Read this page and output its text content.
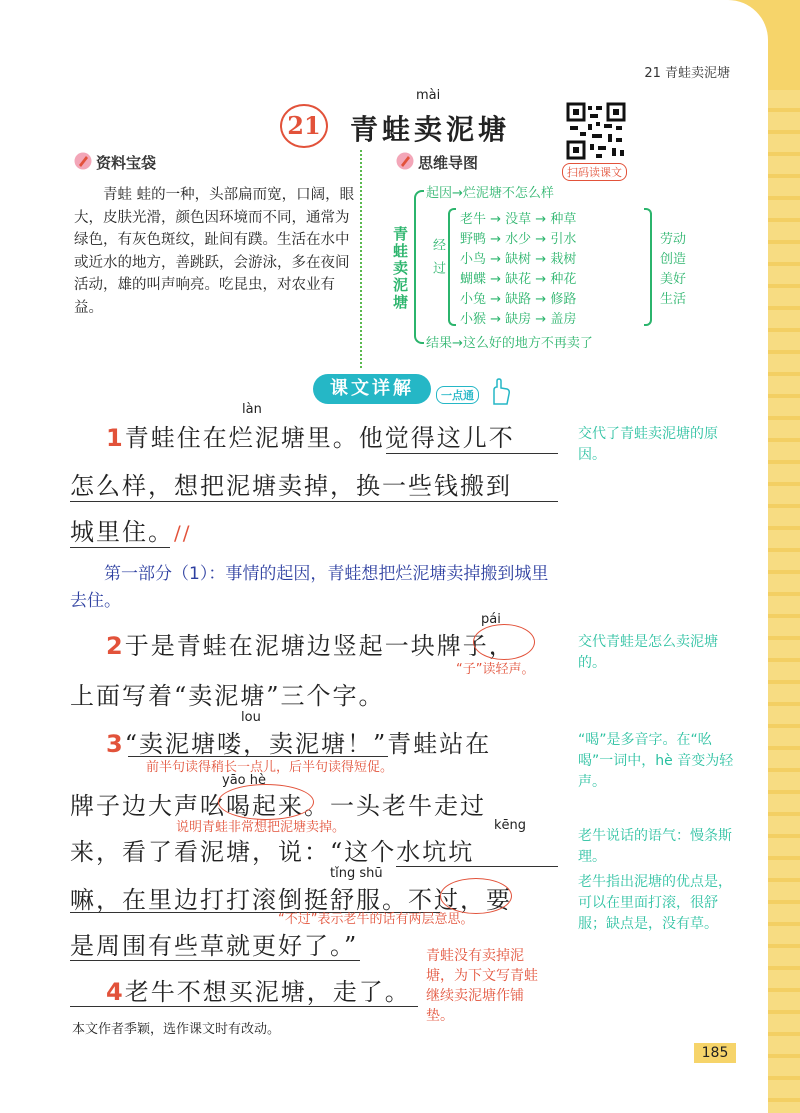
21 青蛙卖泥塘
21
mài
青蛙卖泥塘
扫码读课文
资料宝袋
青蛙 蛙的一种，头部扁而宽，口阔，眼大，皮肤光滑，颜色因环境而不同，通常为绿色，有灰色斑纹，趾间有蹼。生活在水中或近水的地方，善跳跃，会游泳，多在夜间活动，雄的叫声响亮。吃昆虫，对农业有益。
思维导图
青蛙卖泥塘
起因→烂泥塘不怎么样
经过
老牛 → 没草 → 种草
野鸭 → 水少 → 引水
小鸟 → 缺树 → 栽树
蝴蝶 → 缺花 → 种花
小兔 → 缺路 → 修路
小猴 → 缺房 → 盖房
劳动创造美好生活
结果→这么好的地方不再卖了
课文详解	一点通
làn
1青蛙住在烂泥塘里。他觉得这儿不
怎么样，想把泥塘卖掉，换一些钱搬到
城里住。//
第一部分（1）：事情的起因，青蛙想把烂泥塘卖掉搬到城里去住。
pái
2于是青蛙在泥塘边竖起一块牌子，
“子”读轻声。
上面写着“卖泥塘”三个字。
lou
3“卖泥塘喽，卖泥塘！”青蛙站在
前半句读得稍长一点儿，后半句读得短促。
yāo hè
牌子边大声吆喝起来。一头老牛走过
说明青蛙非常想把泥塘卖掉。	kēng
来，看了看泥塘，说：“这个水坑坑
tǐng shū
嘛，在里边打打滚倒挺舒服。不过，要
“不过”表示老牛的话有两层意思。
是周围有些草就更好了。”
4老牛不想买泥塘，走了。
青蛙没有卖掉泥塘，为下文写青蛙继续卖泥塘作铺垫。
本文作者季颖，选作课文时有改动。
交代了青蛙卖泥塘的原因。
交代青蛙是怎么卖泥塘的。
“喝”是多音字。在“吆喝”一词中，hè 音变为轻声。
老牛说话的语气：慢条斯理。
老牛指出泥塘的优点是，可以在里面打滚，很舒服；缺点是，没有草。
185
